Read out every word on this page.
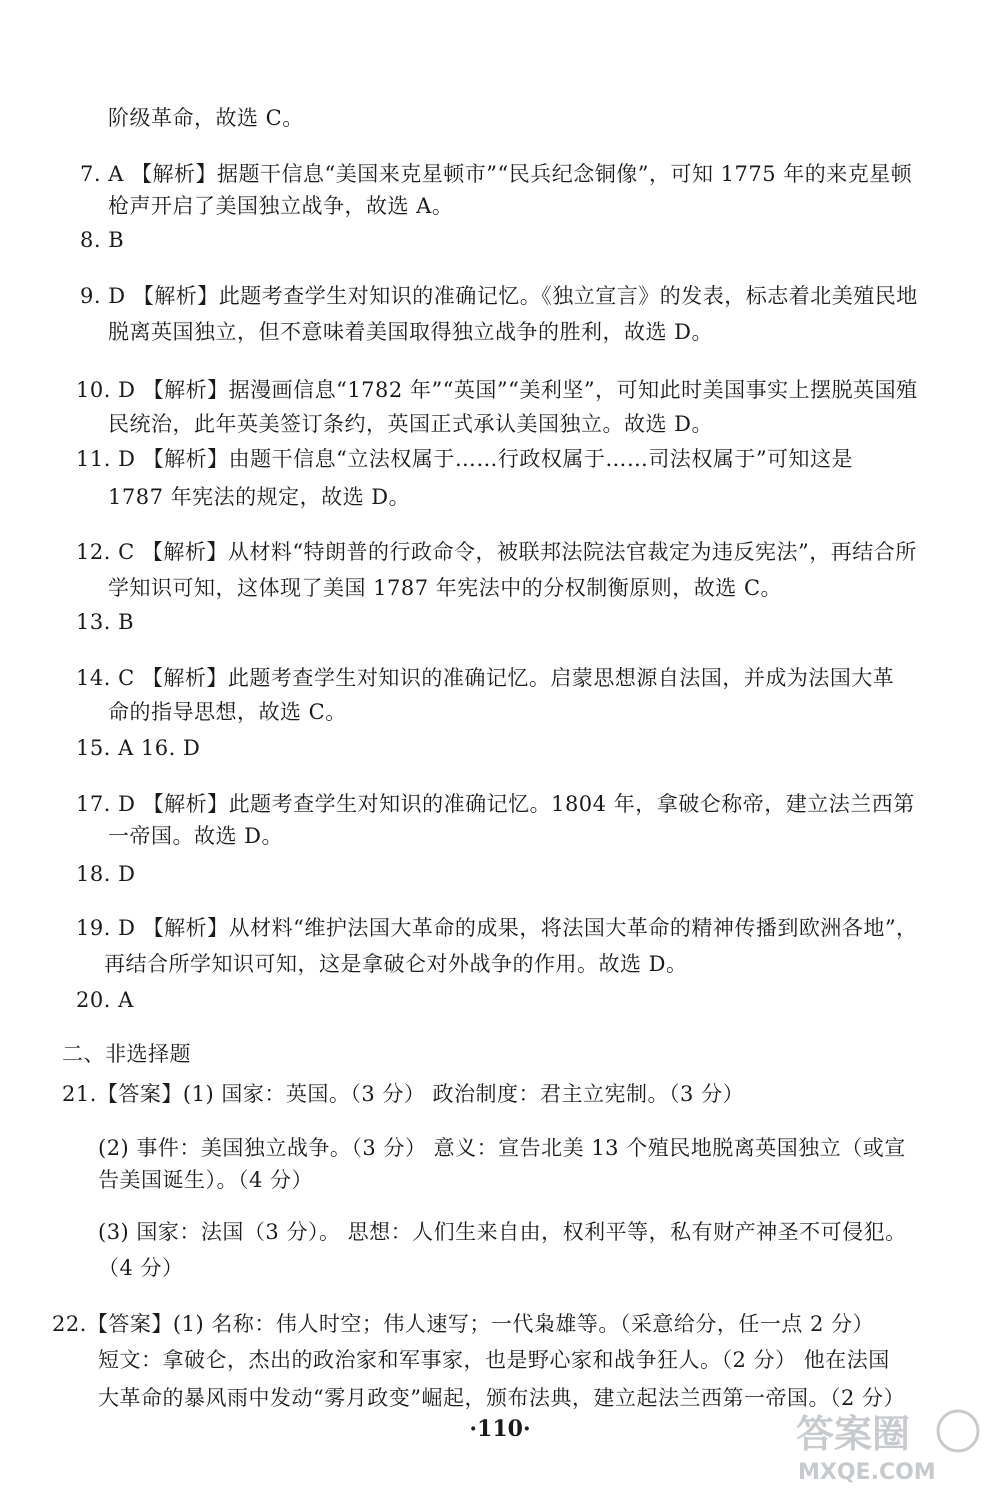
阶级革命，故选 C。
7. A 【解析】据题干信息“美国来克星顿市”“民兵纪念铜像”，可知 1775 年的来克星顿
枪声开启了美国独立战争，故选 A。
8. B
9. D 【解析】此题考查学生对知识的准确记忆。《独立宣言》的发表，标志着北美殖民地
脱离英国独立，但不意味着美国取得独立战争的胜利，故选 D。
10. D 【解析】据漫画信息“1782 年”“英国”“美利坚”，可知此时美国事实上摆脱英国殖
民统治，此年英美签订条约，英国正式承认美国独立。故选 D。
11. D 【解析】由题干信息“立法权属于……行政权属于……司法权属于”可知这是
1787 年宪法的规定，故选 D。
12. C 【解析】从材料“特朗普的行政命令，被联邦法院法官裁定为违反宪法”，再结合所
学知识可知，这体现了美国 1787 年宪法中的分权制衡原则，故选 C。
13. B
14. C 【解析】此题考查学生对知识的准确记忆。启蒙思想源自法国，并成为法国大革
命的指导思想，故选 C。
15. A 16. D
17. D 【解析】此题考查学生对知识的准确记忆。1804 年，拿破仑称帝，建立法兰西第
一帝国。故选 D。
18. D
19. D 【解析】从材料“维护法国大革命的成果，将法国大革命的精神传播到欧洲各地”，
再结合所学知识可知，这是拿破仑对外战争的作用。故选 D。
20. A
二、非选择题
21.【答案】(1) 国家：英国。（3 分） 政治制度：君主立宪制。（3 分）
(2) 事件：美国独立战争。（3 分） 意义：宣告北美 13 个殖民地脱离英国独立（或宣
告美国诞生）。（4 分）
(3) 国家：法国（3 分）。 思想：人们生来自由，权利平等，私有财产神圣不可侵犯。
（4 分）
22.【答案】(1) 名称：伟人时空；伟人速写；一代枭雄等。（采意给分，任一点 2 分）
短文：拿破仑，杰出的政治家和军事家，也是野心家和战争狂人。（2 分） 他在法国
大革命的暴风雨中发动“雾月政变”崛起，颁布法典，建立起法兰西第一帝国。（2 分）
·110·	答案圈
MXQE.COM
